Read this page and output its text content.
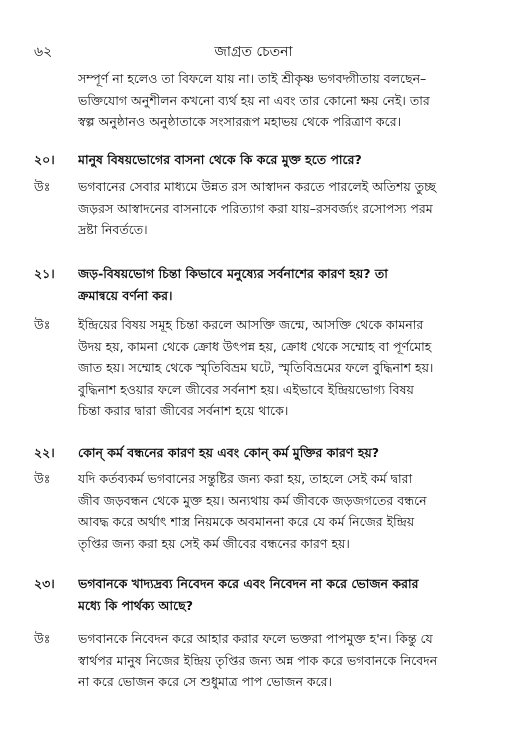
৬২	জাগ্রত চেতনা
সম্পূর্ণ না হলেও তা বিফলে যায় না। তাই শ্রীকৃষ্ণ ভগবদ্গীতায় বলছেন–
ভক্তিযোগ অনুশীলন কখনো ব্যর্থ হয় না এবং তার কোনো ক্ষয় নেই। তার
স্বল্প অনুষ্ঠানও অনুষ্ঠাতাকে সংসাররূপ মহাভয় থেকে পরিত্রাণ করে।
২০। মানুষ বিষয়ভোগের বাসনা থেকে কি করে মুক্ত হতে পারে?
উঃ ভগবানের সেবার মাধ্যমে উন্নত রস আস্বাদন করতে পারলেই অতিশয় তুচ্ছ
জড়রস আস্বাদনের বাসনাকে পরিত্যাগ করা যায়–রসবর্জ্যং রসোপস্য পরম
দ্রষ্টা নিবর্ততে।
২১। জড়-বিষয়ভোগ চিন্তা কিভাবে মনুষ্যের সর্বনাশের কারণ হয়? তা
ক্রমান্বয়ে বর্ণনা কর।
উঃ ইন্দ্রিয়ের বিষয় সমূহ চিন্তা করলে আসক্তি জন্মে, আসক্তি থেকে কামনার
উদয় হয়, কামনা থেকে ক্রোধ উৎপন্ন হয়, ক্রোধ থেকে সম্মোহ বা পূর্ণমোহ
জাত হয়। সম্মোহ থেকে স্মৃতিবিভ্রম ঘটে, স্মৃতিবিভ্রমের ফলে বুদ্ধিনাশ হয়।
বুদ্ধিনাশ হওয়ার ফলে জীবের সর্বনাশ হয়। এইভাবে ইন্দ্রিয়ভোগ্য বিষয়
চিন্তা করার দ্বারা জীবের সর্বনাশ হয়ে থাকে।
২২। কোন্ কর্ম বন্ধনের কারণ হয় এবং কোন্ কর্ম মুক্তির কারণ হয়?
উঃ যদি কর্তব্যকর্ম ভগবানের সন্তুষ্টির জন্য করা হয়, তাহলে সেই কর্ম দ্বারা
জীব জড়বন্ধন থেকে মুক্ত হয়। অন্যথায় কর্ম জীবকে জড়জগতের বন্ধনে
আবদ্ধ করে অর্থাৎ শাস্ত্র নিয়মকে অবমাননা করে যে কর্ম নিজের ইন্দ্রিয়
তৃপ্তির জন্য করা হয় সেই কর্ম জীবের বন্ধনের কারণ হয়।
২৩। ভগবানকে খাদ্যদ্রব্য নিবেদন করে এবং নিবেদন না করে ভোজন করার
মধ্যে কি পার্থক্য আছে?
উঃ ভগবানকে নিবেদন করে আহার করার ফলে ভক্তরা পাপমুক্ত হ'ন। কিন্তু যে
স্বার্থপর মানুষ নিজের ইন্দ্রিয় তৃপ্তির জন্য অন্ন পাক করে ভগবানকে নিবেদন
না করে ভোজন করে সে শুধুমাত্র পাপ ভোজন করে।
